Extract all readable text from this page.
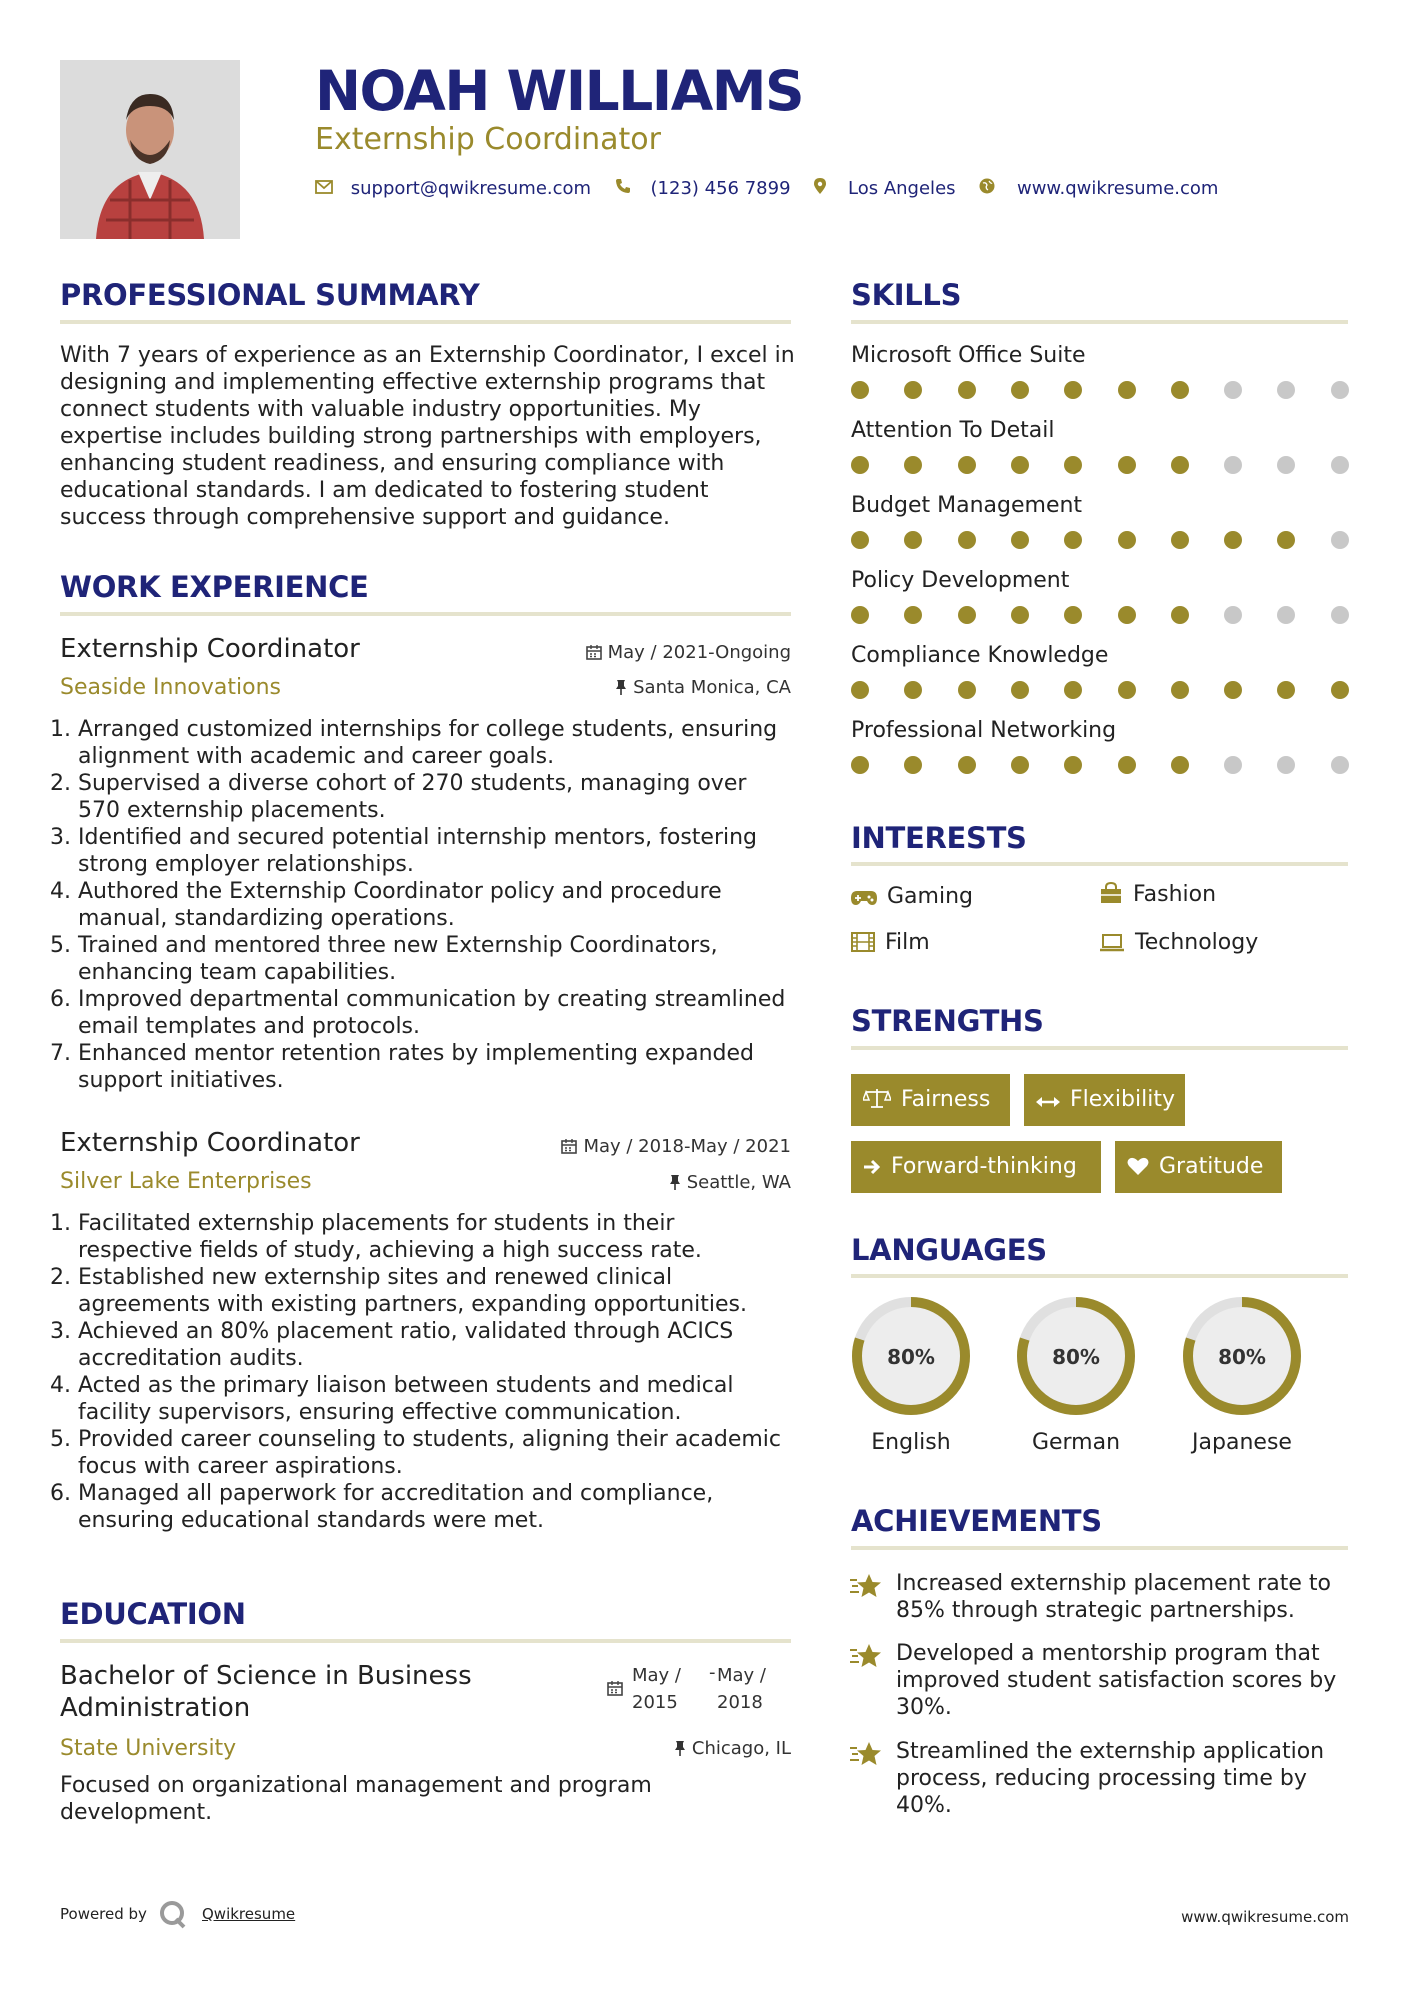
NOAH WILLIAMS
Externship Coordinator
support@qwikresume.com	(123) 456 7899	Los Angeles	www.qwikresume.com
PROFESSIONAL SUMMARY
With 7 years of experience as an Externship Coordinator, I excel in designing and implementing effective externship programs that connect students with valuable industry opportunities. My expertise includes building strong partnerships with employers, enhancing student readiness, and ensuring compliance with educational standards. I am dedicated to fostering student success through comprehensive support and guidance.
WORK EXPERIENCE
Externship Coordinator	May / 2021-Ongoing
Seaside Innovations	Santa Monica, CA
1. Arranged customized internships for college students, ensuring alignment with academic and career goals.
2. Supervised a diverse cohort of 270 students, managing over 570 externship placements.
3. Identified and secured potential internship mentors, fostering strong employer relationships.
4. Authored the Externship Coordinator policy and procedure manual, standardizing operations.
5. Trained and mentored three new Externship Coordinators, enhancing team capabilities.
6. Improved departmental communication by creating streamlined email templates and protocols.
7. Enhanced mentor retention rates by implementing expanded support initiatives.
Externship Coordinator	May / 2018-May / 2021
Silver Lake Enterprises	Seattle, WA
1. Facilitated externship placements for students in their respective fields of study, achieving a high success rate.
2. Established new externship sites and renewed clinical agreements with existing partners, expanding opportunities.
3. Achieved an 80% placement ratio, validated through ACICS accreditation audits.
4. Acted as the primary liaison between students and medical facility supervisors, ensuring effective communication.
5. Provided career counseling to students, aligning their academic focus with career aspirations.
6. Managed all paperwork for accreditation and compliance, ensuring educational standards were met.
EDUCATION
Bachelor of Science in Business Administration
May /
2015
- May /
2018
State University	Chicago, IL
Focused on organizational management and program development.
SKILLS
Microsoft Office Suite
Attention To Detail
Budget Management
Policy Development
Compliance Knowledge
Professional Networking
INTERESTS
Gaming	Fashion
Film	Technology
STRENGTHS
Fairness	Flexibility
Forward-thinking	Gratitude
LANGUAGES
80%
English
80%
German
80%
Japanese
ACHIEVEMENTS
Increased externship placement rate to 85% through strategic partnerships.
Developed a mentorship program that improved student satisfaction scores by 30%.
Streamlined the externship application process, reducing processing time by 40%.
Powered by	Qwikresume	www.qwikresume.com
